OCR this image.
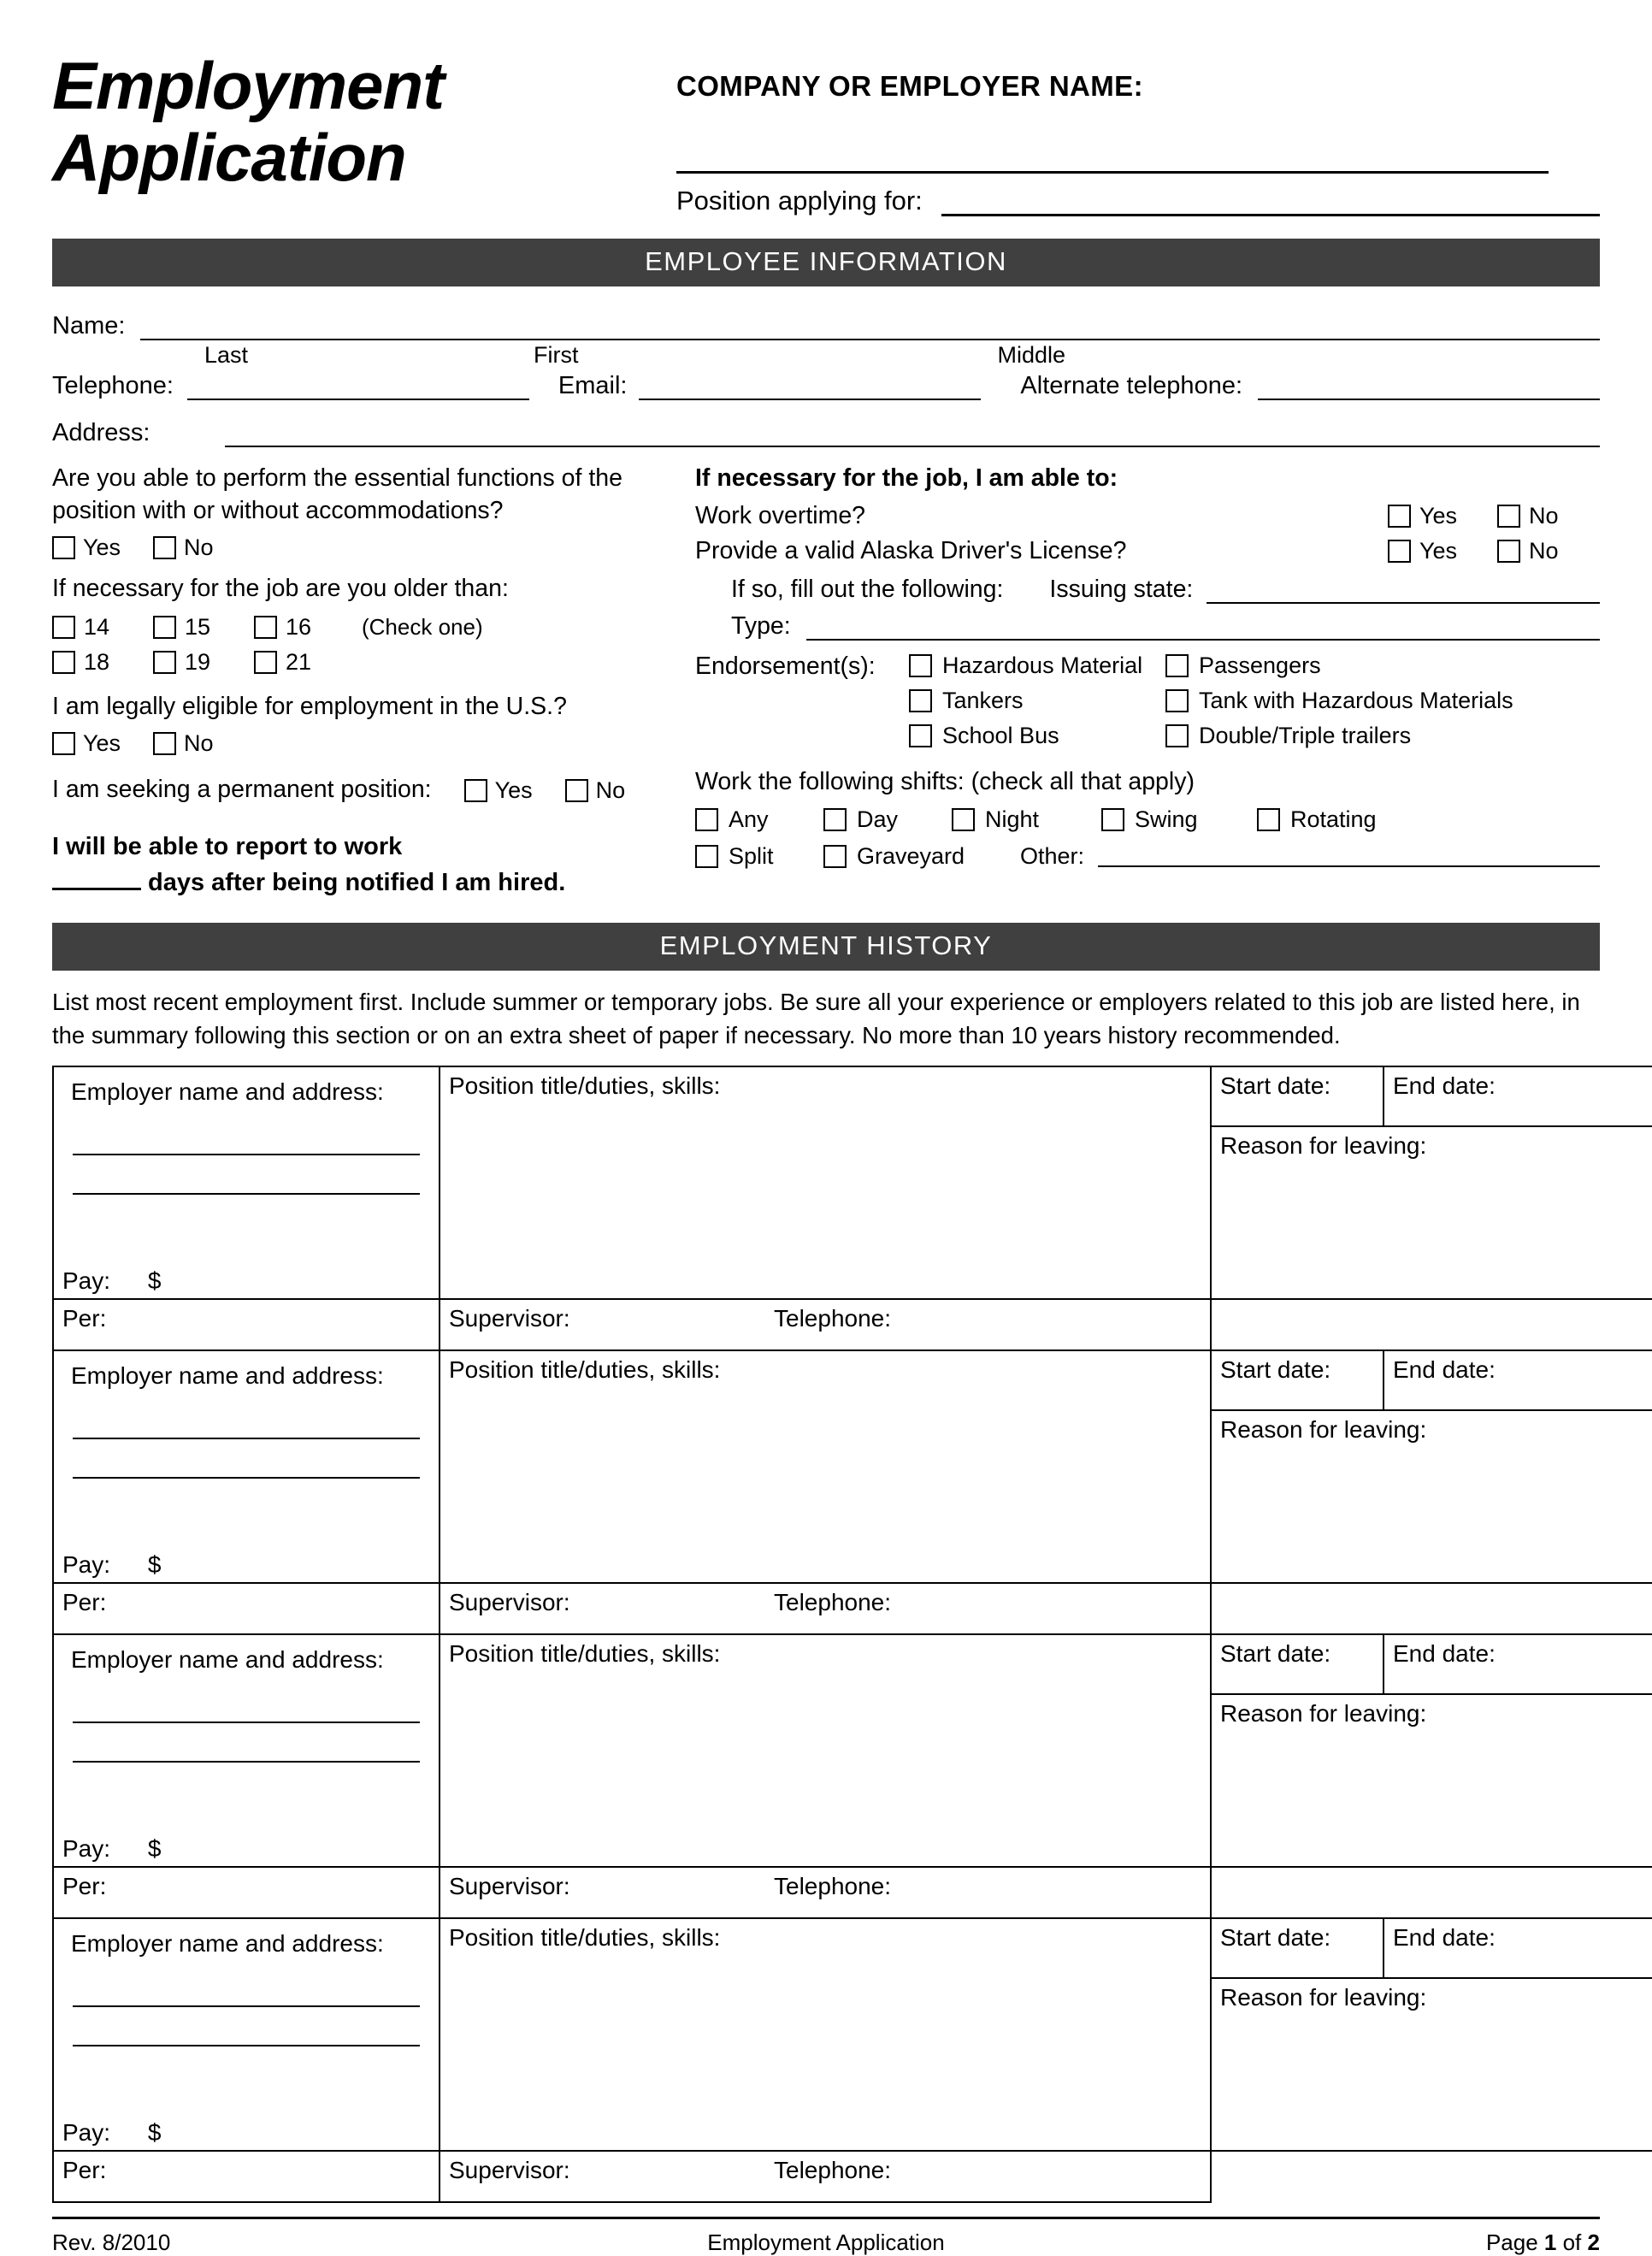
Employment
Application
COMPANY OR EMPLOYER NAME:
Position applying for:
EMPLOYEE INFORMATION
Name:
Last	First	Middle
Telephone:	Email:	Alternate telephone:
Address:
Are you able to perform the essential functions of the position with or without accommodations?
Yes	No
If necessary for the job are you older than:
14	15	16 (Check one)
18	19	21
I am legally eligible for employment in the U.S.?
Yes	No
I am seeking a permanent position:	Yes	No
I will be able to report to work
days after being notified I am hired.
If necessary for the job, I am able to:
Work overtime?	Yes	No
Provide a valid Alaska Driver's License?	Yes	No
If so, fill out the following: Issuing state:
Type:
Endorsement(s):	Hazardous Material Passengers
Tankers	Tank with Hazardous Materials
School Bus	Double/Triple trailers
Work the following shifts: (check all that apply)
Any	Day	Night	Swing	Rotating
Split	Graveyard Other:
EMPLOYMENT HISTORY
List most recent employment first. Include summer or temporary jobs. Be sure all your experience or employers related to this job are listed here, in the summary following this section or on an extra sheet of paper if necessary. No more than 10 years history recommended.
Employer name and address:
Pay: $	Position title/duties, skills:	Start date:	End date:
		Reason for leaving:	
Per:	Supervisor: Telephone:		

Employer name and address:
Pay: $	Position title/duties, skills:	Start date:	End date:
		Reason for leaving:	
Per:	Supervisor: Telephone:		

Employer name and address:
Pay: $	Position title/duties, skills:	Start date:	End date:
		Reason for leaving:	
Per:	Supervisor: Telephone:		

Employer name and address:
Pay: $	Position title/duties, skills:	Start date:	End date:
		Reason for leaving:	
Per:	Supervisor: Telephone:		

Rev. 8/2010	Employment Application	Page 1 of 2
